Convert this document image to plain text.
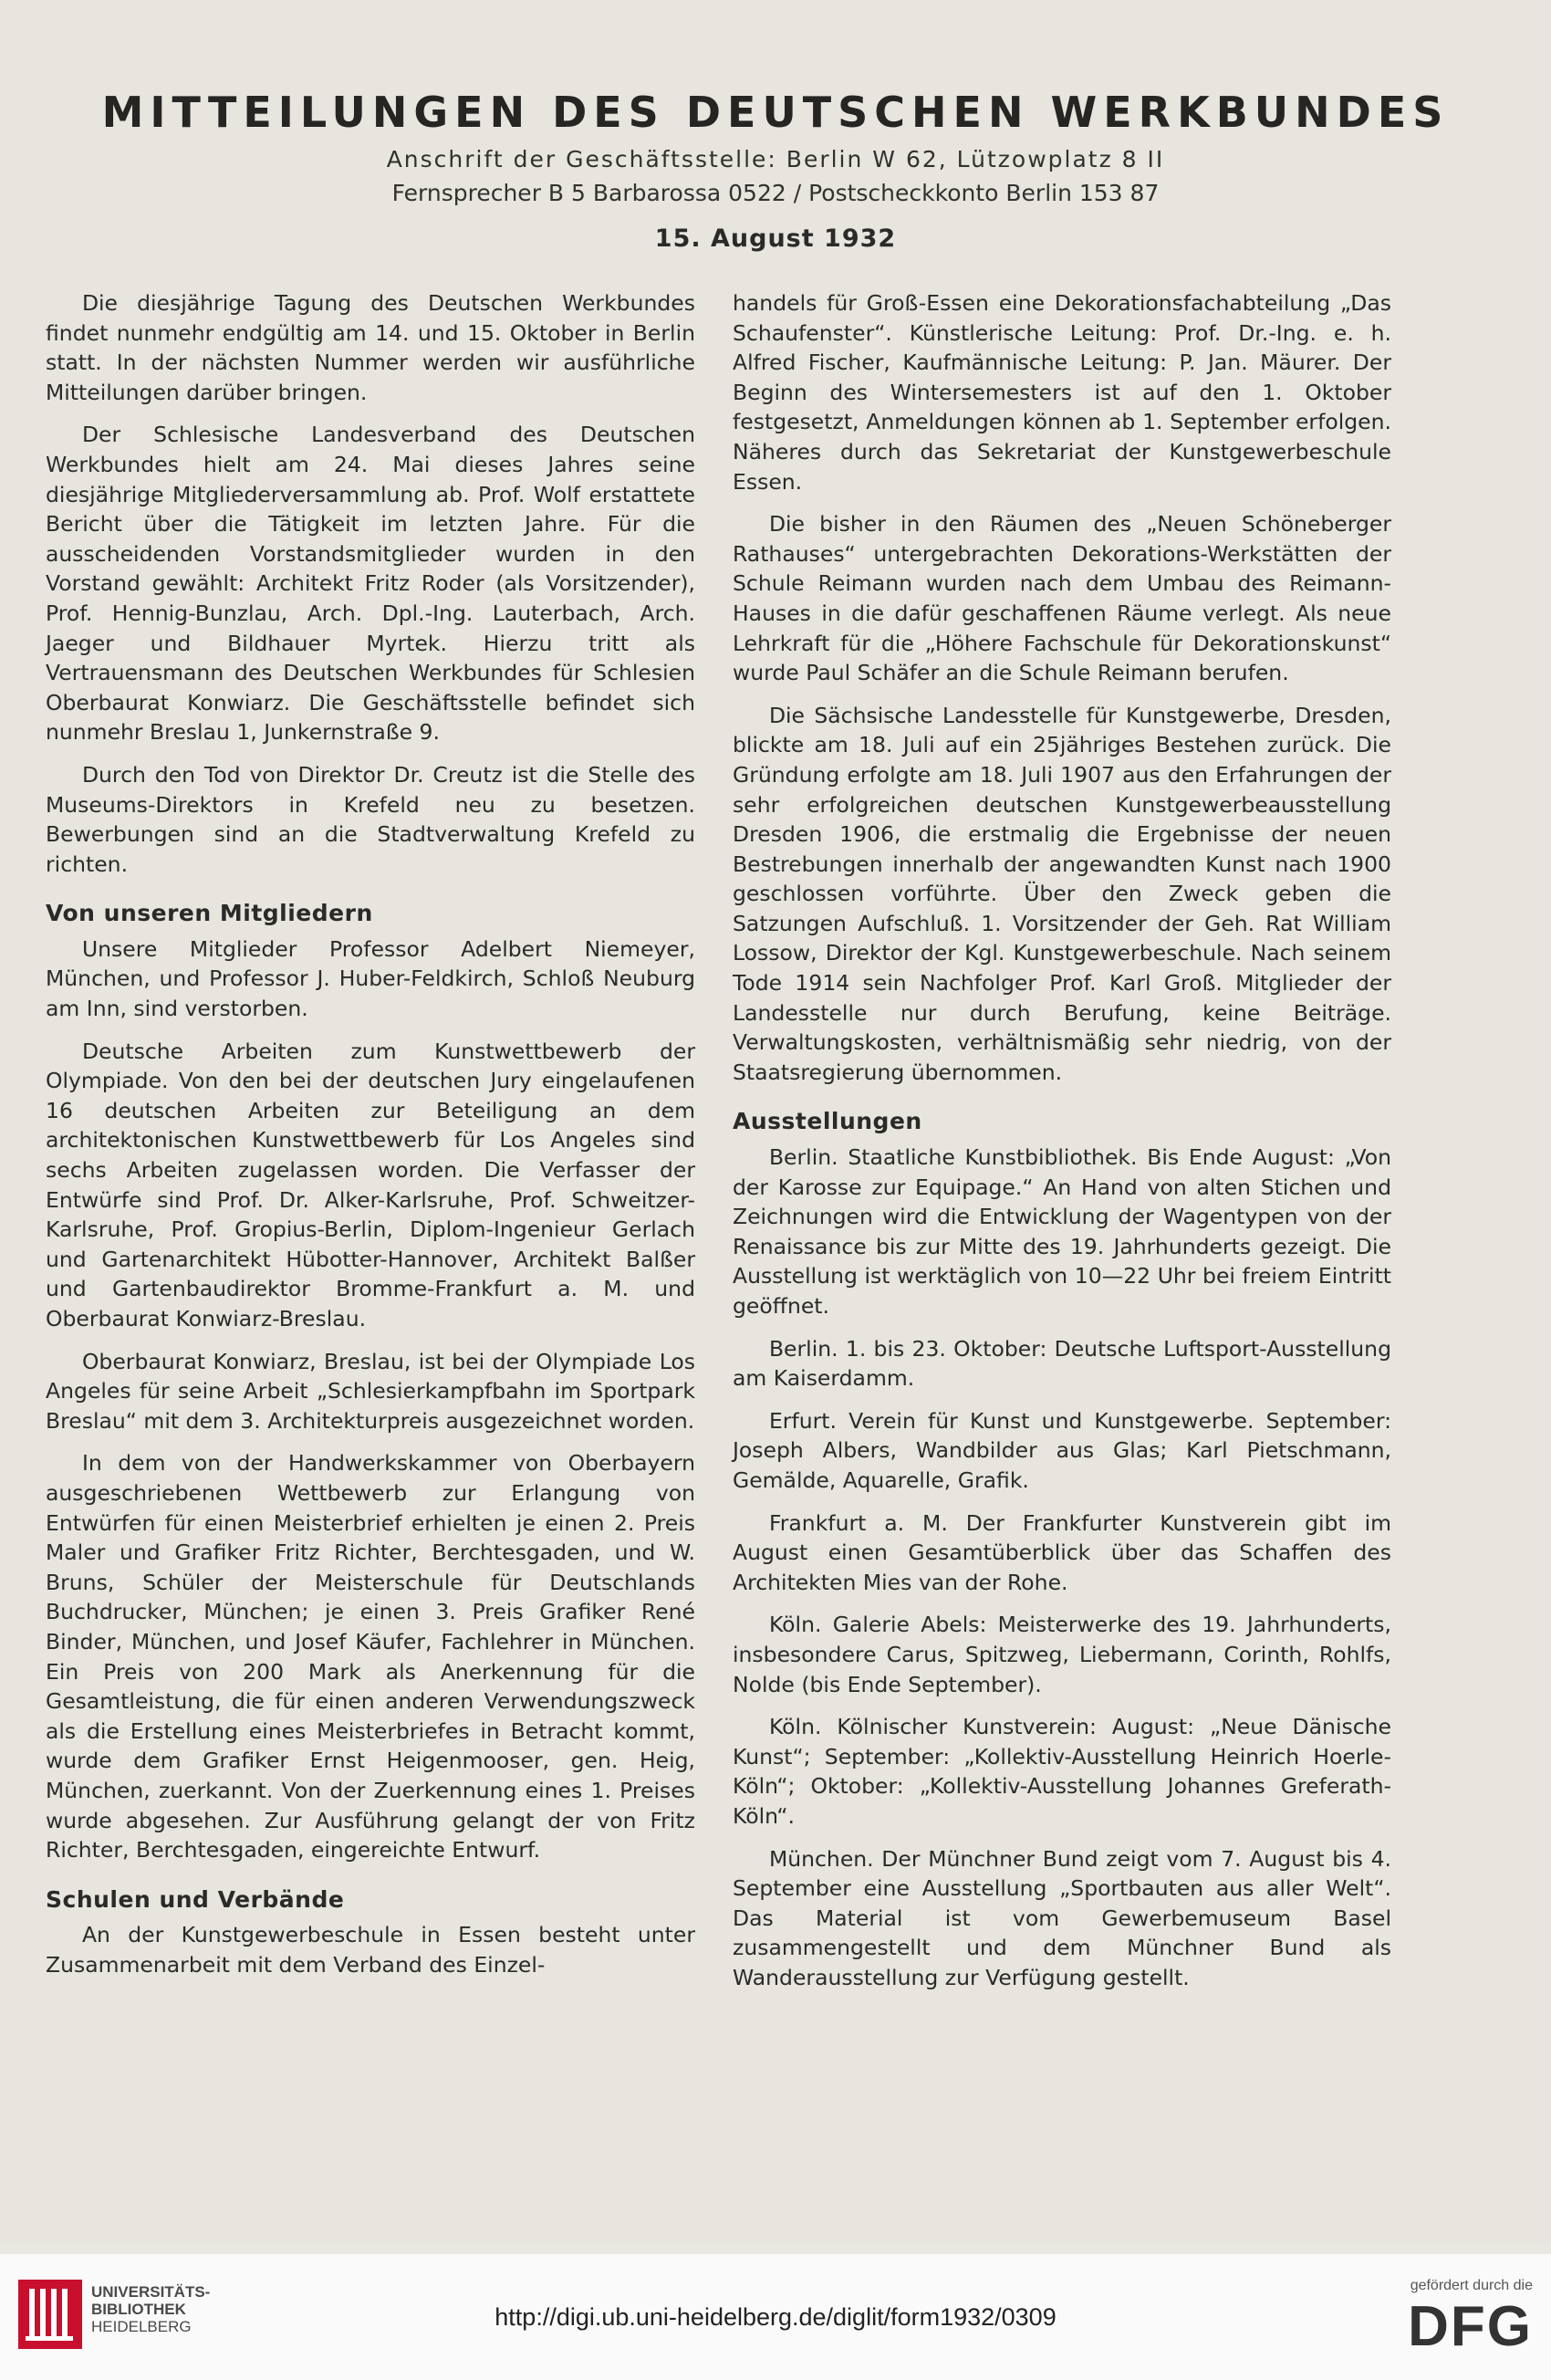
MITTEILUNGEN DES DEUTSCHEN WERKBUNDES
Anschrift der Geschäftsstelle: Berlin W 62, Lützowplatz 8 II
Fernsprecher B 5 Barbarossa 0522 / Postscheckkonto Berlin 153 87
15. August 1932

Die diesjährige Tagung des Deutschen Werkbundes findet nunmehr endgültig am 14. und 15. Oktober in Berlin statt. In der nächsten Nummer werden wir ausführliche Mitteilungen darüber bringen.

Der Schlesische Landesverband des Deutschen Werkbundes hielt am 24. Mai dieses Jahres seine diesjährige Mitgliederversammlung ab. Prof. Wolf erstattete Bericht über die Tätigkeit im letzten Jahre. Für die ausscheidenden Vorstandsmitglieder wurden in den Vorstand gewählt: Architekt Fritz Roder (als Vorsitzender), Prof. Hennig-Bunzlau, Arch. Dpl.-Ing. Lauterbach, Arch. Jaeger und Bildhauer Myrtek. Hierzu tritt als Vertrauensmann des Deutschen Werkbundes für Schlesien Oberbaurat Konwiarz. Die Geschäftsstelle befindet sich nunmehr Breslau 1, Junkernstraße 9.

Durch den Tod von Direktor Dr. Creutz ist die Stelle des Museums-Direktors in Krefeld neu zu besetzen. Bewerbungen sind an die Stadtverwaltung Krefeld zu richten.

Von unseren Mitgliedern

Unsere Mitglieder Professor Adelbert Niemeyer, München, und Professor J. Huber-Feldkirch, Schloß Neuburg am Inn, sind verstorben.

Deutsche Arbeiten zum Kunstwettbewerb der Olympiade. Von den bei der deutschen Jury eingelaufenen 16 deutschen Arbeiten zur Beteiligung an dem architektonischen Kunstwettbewerb für Los Angeles sind sechs Arbeiten zugelassen worden. Die Verfasser der Entwürfe sind Prof. Dr. Alker-Karlsruhe, Prof. Schweitzer-Karlsruhe, Prof. Gropius-Berlin, Diplom-Ingenieur Gerlach und Gartenarchitekt Hübotter-Hannover, Architekt Balßer und Gartenbaudirektor Bromme-Frankfurt a. M. und Oberbaurat Konwiarz-Breslau.

Oberbaurat Konwiarz, Breslau, ist bei der Olympiade Los Angeles für seine Arbeit „Schlesierkampfbahn im Sportpark Breslau“ mit dem 3. Architekturpreis ausgezeichnet worden.

In dem von der Handwerkskammer von Oberbayern ausgeschriebenen Wettbewerb zur Erlangung von Entwürfen für einen Meisterbrief erhielten je einen 2. Preis Maler und Grafiker Fritz Richter, Berchtesgaden, und W. Bruns, Schüler der Meisterschule für Deutschlands Buchdrucker, München; je einen 3. Preis Grafiker René Binder, München, und Josef Käufer, Fachlehrer in München. Ein Preis von 200 Mark als Anerkennung für die Gesamtleistung, die für einen anderen Verwendungszweck als die Erstellung eines Meisterbriefes in Betracht kommt, wurde dem Grafiker Ernst Heigenmooser, gen. Heig, München, zuerkannt. Von der Zuerkennung eines 1. Preises wurde abgesehen. Zur Ausführung gelangt der von Fritz Richter, Berchtesgaden, eingereichte Entwurf.

Schulen und Verbände

An der Kunstgewerbeschule in Essen besteht unter Zusammenarbeit mit dem Verband des Einzel-

handels für Groß-Essen eine Dekorationsfachabteilung „Das Schaufenster“. Künstlerische Leitung: Prof. Dr.-Ing. e. h. Alfred Fischer, Kaufmännische Leitung: P. Jan. Mäurer. Der Beginn des Wintersemesters ist auf den 1. Oktober festgesetzt, Anmeldungen können ab 1. September erfolgen. Näheres durch das Sekretariat der Kunstgewerbeschule Essen.

Die bisher in den Räumen des „Neuen Schöneberger Rathauses“ untergebrachten Dekorations-Werkstätten der Schule Reimann wurden nach dem Umbau des Reimann-Hauses in die dafür geschaffenen Räume verlegt. Als neue Lehrkraft für die „Höhere Fachschule für Dekorationskunst“ wurde Paul Schäfer an die Schule Reimann berufen.

Die Sächsische Landesstelle für Kunstgewerbe, Dresden, blickte am 18. Juli auf ein 25jähriges Bestehen zurück. Die Gründung erfolgte am 18. Juli 1907 aus den Erfahrungen der sehr erfolgreichen deutschen Kunstgewerbeausstellung Dresden 1906, die erstmalig die Ergebnisse der neuen Bestrebungen innerhalb der angewandten Kunst nach 1900 geschlossen vorführte. Über den Zweck geben die Satzungen Aufschluß. 1. Vorsitzender der Geh. Rat William Lossow, Direktor der Kgl. Kunstgewerbeschule. Nach seinem Tode 1914 sein Nachfolger Prof. Karl Groß. Mitglieder der Landesstelle nur durch Berufung, keine Beiträge. Verwaltungskosten, verhältnismäßig sehr niedrig, von der Staatsregierung übernommen.

Ausstellungen

Berlin. Staatliche Kunstbibliothek. Bis Ende August: „Von der Karosse zur Equipage.“ An Hand von alten Stichen und Zeichnungen wird die Entwicklung der Wagentypen von der Renaissance bis zur Mitte des 19. Jahrhunderts gezeigt. Die Ausstellung ist werktäglich von 10—22 Uhr bei freiem Eintritt geöffnet.

Berlin. 1. bis 23. Oktober: Deutsche Luftsport-Ausstellung am Kaiserdamm.

Erfurt. Verein für Kunst und Kunstgewerbe. September: Joseph Albers, Wandbilder aus Glas; Karl Pietschmann, Gemälde, Aquarelle, Grafik.

Frankfurt a. M. Der Frankfurter Kunstverein gibt im August einen Gesamtüberblick über das Schaffen des Architekten Mies van der Rohe.

Köln. Galerie Abels: Meisterwerke des 19. Jahrhunderts, insbesondere Carus, Spitzweg, Liebermann, Corinth, Rohlfs, Nolde (bis Ende September).

Köln. Kölnischer Kunstverein: August: „Neue Dänische Kunst“; September: „Kollektiv-Ausstellung Heinrich Hoerle-Köln“; Oktober: „Kollektiv-Ausstellung Johannes Greferath-Köln“.

München. Der Münchner Bund zeigt vom 7. August bis 4. September eine Ausstellung „Sportbauten aus aller Welt“. Das Material ist vom Gewerbemuseum Basel zusammengestellt und dem Münchner Bund als Wanderausstellung zur Verfügung gestellt.

UNIVERSITÄTS-
BIBLIOTHEK
HEIDELBERG	http://digi.ub.uni-heidelberg.de/diglit/form1932/0309
gefördert durch die
DFG
